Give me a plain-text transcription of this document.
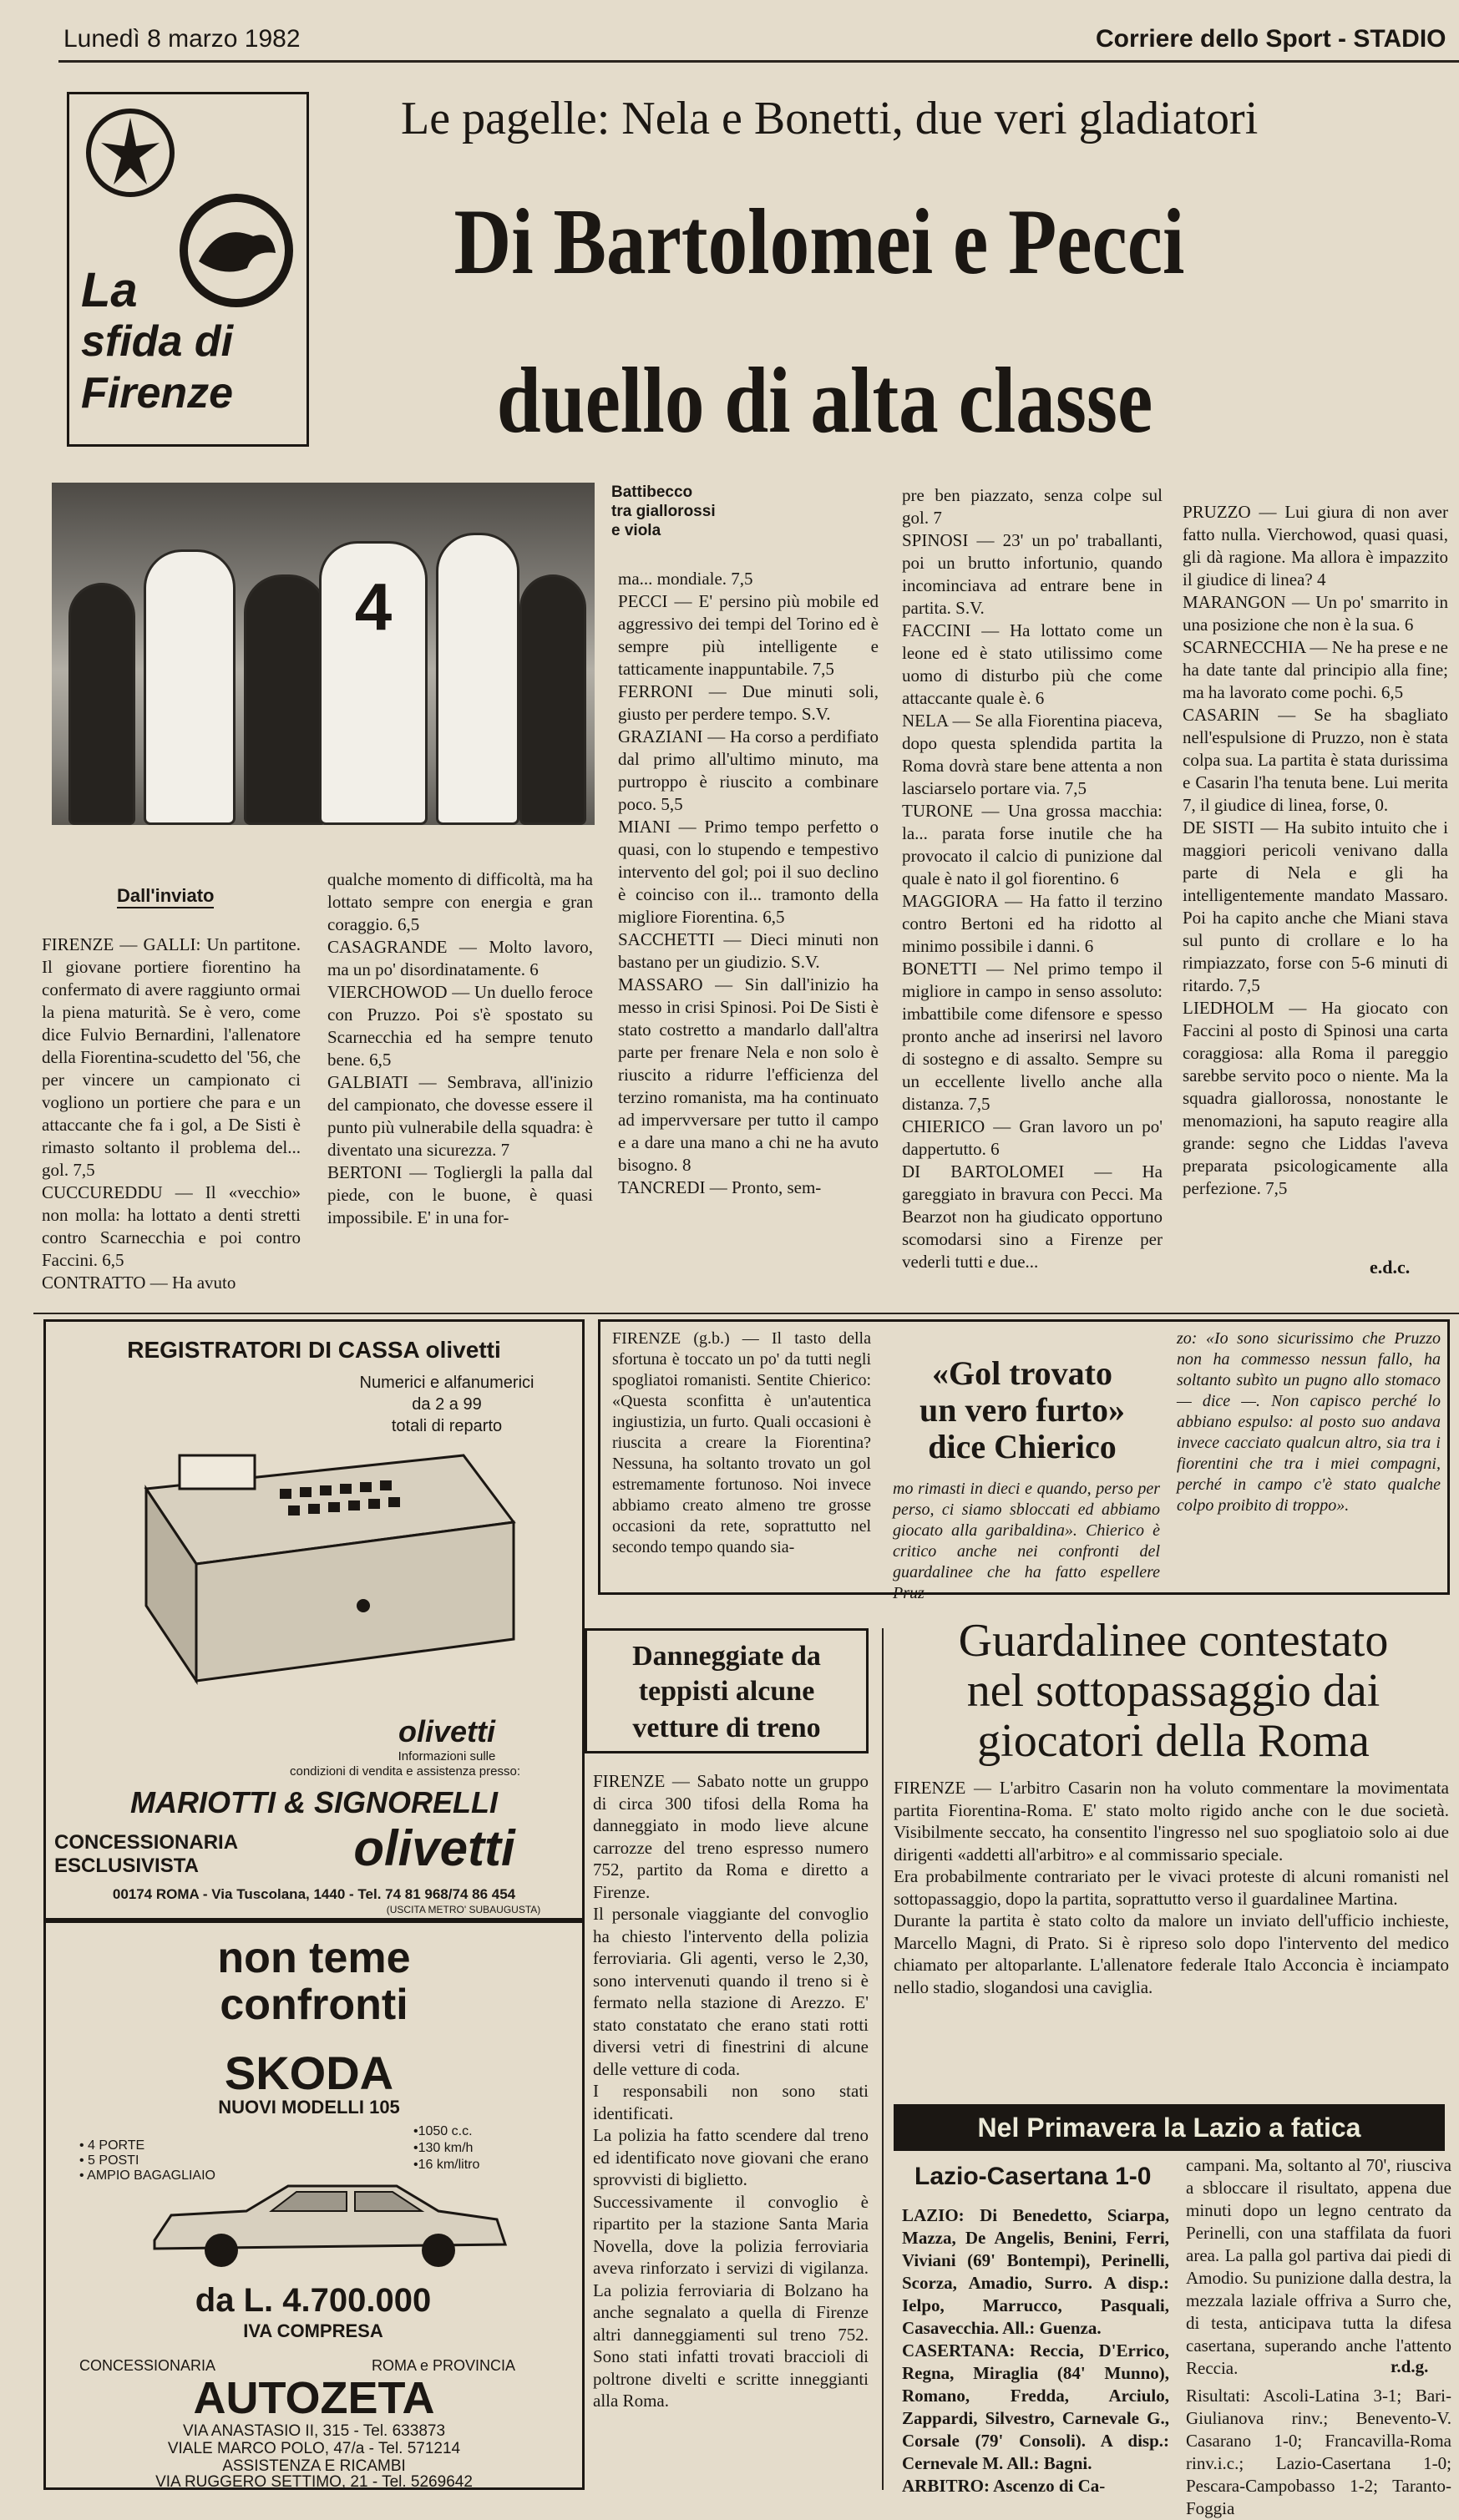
Lunedì 8 marzo 1982	Corriere dello Sport - STADIO
La
sfida di
Firenze
Le pagelle: Nela e Bonetti, due veri gladiatori
Di Bartolomei e Pecci
duello di alta classe
4
Battibecco
tra giallorossi
e viola
Dall'inviato
FIRENZE — GALLI: Un partitone. Il giovane portiere fiorentino ha confermato di avere raggiunto ormai la piena maturità. Se è vero, come dice Fulvio Bernardini, l'allenatore della Fiorentina-scudetto del '56, che per vincere un campionato ci vogliono un portiere che para e un attaccante che fa i gol, a De Sisti è rimasto soltanto il problema del... gol. 7,5
CUCCUREDDU — Il «vecchio» non molla: ha lottato a denti stretti contro Scarnecchia e poi contro Faccini. 6,5
CONTRATTO — Ha avuto
qualche momento di difficoltà, ma ha lottato sempre con energia e gran coraggio. 6,5
CASAGRANDE — Molto lavoro, ma un po' disordinatamente. 6
VIERCHOWOD — Un duello feroce con Pruzzo. Poi s'è spostato su Scarnecchia ed ha sempre tenuto bene. 6,5
GALBIATI — Sembrava, all'inizio del campionato, che dovesse essere il punto più vulnerabile della squadra: è diventato una sicurezza. 7
BERTONI — Togliergli la palla dal piede, con le buone, è quasi impossibile. E' in una for-
ma... mondiale. 7,5
PECCI — E' persino più mobile ed aggressivo dei tempi del Torino ed è sempre più intelligente e tatticamente inappuntabile. 7,5
FERRONI — Due minuti soli, giusto per perdere tempo. S.V.
GRAZIANI — Ha corso a perdifiato dal primo all'ultimo minuto, ma purtroppo è riuscito a combinare poco. 5,5
MIANI — Primo tempo perfetto o quasi, con lo stupendo e tempestivo intervento del gol; poi il suo declino è coinciso con il... tramonto della migliore Fiorentina. 6,5
SACCHETTI — Dieci minuti non bastano per un giudizio. S.V.
MASSARO — Sin dall'inizio ha messo in crisi Spinosi. Poi De Sisti è stato costretto a mandarlo dall'altra parte per frenare Nela e non solo è riuscito a ridurre l'efficienza del terzino romanista, ma ha continuato ad impervversare per tutto il campo e a dare una mano a chi ne ha avuto bisogno. 8
TANCREDI — Pronto, sem-
pre ben piazzato, senza colpe sul gol. 7
SPINOSI — 23' un po' traballanti, poi un brutto infortunio, quando incominciava ad entrare bene in partita. S.V.
FACCINI — Ha lottato come un leone ed è stato utilissimo come uomo di disturbo più che come attaccante quale è. 6
NELA — Se alla Fiorentina piaceva, dopo questa splendida partita la Roma dovrà stare bene attenta a non lasciarselo portare via. 7,5
TURONE — Una grossa macchia: la... parata forse inutile che ha provocato il calcio di punizione dal quale è nato il gol fiorentino. 6
MAGGIORA — Ha fatto il terzino contro Bertoni ed ha ridotto al minimo possibile i danni. 6
BONETTI — Nel primo tempo il migliore in campo in senso assoluto: imbattibile come difensore e spesso pronto anche ad inserirsi nel lavoro di sostegno e di assalto. Sempre su un eccellente livello anche alla distanza. 7,5
CHIERICO — Gran lavoro un po' dappertutto. 6
DI BARTOLOMEI — Ha gareggiato in bravura con Pecci. Ma Bearzot non ha giudicato opportuno scomodarsi sino a Firenze per vederli tutti e due...
PRUZZO — Lui giura di non aver fatto nulla. Vierchowod, quasi quasi, gli dà ragione. Ma allora è impazzito il giudice di linea? 4
MARANGON — Un po' smarrito in una posizione che non è la sua. 6
SCARNECCHIA — Ne ha prese e ne ha date tante dal principio alla fine; ma ha lavorato come pochi. 6,5
CASARIN — Se ha sbagliato nell'espulsione di Pruzzo, non è stata colpa sua. La partita è stata durissima e Casarin l'ha tenuta bene. Lui merita 7, il giudice di linea, forse, 0.
DE SISTI — Ha subito intuito che i maggiori pericoli venivano dalla parte di Nela e gli ha intelligentemente mandato Massaro. Poi ha capito anche che Miani stava sul punto di crollare e lo ha rimpiazzato, forse con 5-6 minuti di ritardo. 7,5
LIEDHOLM — Ha giocato con Faccini al posto di Spinosi una carta coraggiosa: alla Roma il pareggio sarebbe servito poco o niente. Ma la squadra giallorossa, nonostante le menomazioni, ha saputo reagire alla grande: segno che Liddas l'aveva preparata psicologicamente alla perfezione. 7,5
e.d.c.
REGISTRATORI DI CASSA olivetti
Numerici e alfanumerici
da 2 a 99
totali di reparto
olivetti
Informazioni sulle
condizioni di vendita e assistenza presso:
MARIOTTI & SIGNORELLI
CONCESSIONARIA
ESCLUSIVISTA	olivetti
00174 ROMA - Via Tuscolana, 1440 - Tel. 74 81 968/74 86 454
(USCITA METRO' SUBAUGUSTA)
non teme
confronti
SKODA
NUOVI MODELLI 105
• 4 PORTE
• 5 POSTI
• AMPIO BAGAGLIAIO
•1050 c.c.
•130 km/h
•16 km/litro
da L. 4.700.000
IVA COMPRESA
CONCESSIONARIA	ROMA e PROVINCIA
AUTOZETA
VIA ANASTASIO II, 315 - Tel. 633873
VIALE MARCO POLO, 47/a - Tel. 571214
ASSISTENZA E RICAMBI
VIA RUGGERO SETTIMO, 21 - Tel. 5269642
FIRENZE (g.b.) — Il tasto della sfortuna è toccato un po' da tutti negli spogliatoi romanisti. Sentite Chierico: «Questa sconfitta è un'autentica ingiustizia, un furto. Quali occasioni è riuscita a creare la Fiorentina? Nessuna, ha soltanto trovato un gol estremamente fortunoso. Noi invece abbiamo creato almeno tre grosse occasioni da rete, soprattutto nel secondo tempo quando sia-
«Gol trovato
un vero furto»
dice Chierico
mo rimasti in dieci e quando, perso per perso, ci siamo sbloccati ed abbiamo giocato alla garibaldina». Chierico è critico anche nei confronti del guardalinee che ha fatto espellere Pruz-
zo: «Io sono sicurissimo che Pruzzo non ha commesso nessun fallo, ha soltanto subìto un pugno allo stomaco — dice —. Non capisco perché lo abbiano espulso: al posto suo andava invece cacciato qualcun altro, sia tra i fiorentini che tra i miei compagni, perché in campo c'è stato qualche colpo proibito di troppo».
Danneggiate da
teppisti alcune
vetture di treno
FIRENZE — Sabato notte un gruppo di circa 300 tifosi della Roma ha danneggiato in modo lieve alcune carrozze del treno espresso numero 752, partito da Roma e diretto a Firenze.
Il personale viaggiante del convoglio ha chiesto l'intervento della polizia ferroviaria. Gli agenti, verso le 2,30, sono intervenuti quando il treno si è fermato nella stazione di Arezzo. E' stato constatato che erano stati rotti diversi vetri di finestrini di alcune delle vetture di coda.
I responsabili non sono stati identificati.
La polizia ha fatto scendere dal treno ed identificato nove giovani che erano sprovvisti di biglietto.
Successivamente il convoglio è ripartito per la stazione Santa Maria Novella, dove la polizia ferroviaria aveva rinforzato i servizi di vigilanza. La polizia ferroviaria di Bolzano ha anche segnalato a quella di Firenze altri danneggiamenti sul treno 752. Sono stati infatti trovati braccioli di poltrone divelti e scritte inneggianti alla Roma.
Guardalinee contestato
nel sottopassaggio dai
giocatori della Roma
FIRENZE — L'arbitro Casarin non ha voluto commentare la movimentata partita Fiorentina-Roma. E' stato molto rigido anche con le due società. Visibilmente seccato, ha consentito l'ingresso nel suo spogliatoio solo ai due dirigenti «addetti all'arbitro» e al commissario speciale.
Era probabilmente contrariato per le vivaci proteste di alcuni romanisti nel sottopassaggio, dopo la partita, soprattutto verso il guardalinee Martina.
Durante la partita è stato colto da malore un inviato dell'ufficio inchieste, Marcello Magni, di Prato. Si è ripreso solo dopo l'intervento del medico chiamato per altoparlante. L'allenatore federale Italo Acconcia è inciampato nello stadio, slogandosi una caviglia.
Nel Primavera la Lazio a fatica
Lazio-Casertana 1-0
LAZIO: Di Benedetto, Sciarpa, Mazza, De Angelis, Benini, Ferri, Viviani (69' Bontempi), Perinelli, Scorza, Amadio, Surro. A disp.: Ielpo, Marrucco, Pasquali, Casavecchia. All.: Guenza.
CASERTANA: Reccia, D'Errico, Regna, Miraglia (84' Munno), Romano, Fredda, Arciulo, Zappardi, Silvestro, Carnevale G., Corsale (79' Consoli). A disp.: Cernevale M. All.: Bagni.
ARBITRO: Ascenzo di Ca-
campani. Ma, soltanto al 70', riusciva a sbloccare il risultato, appena due minuti dopo un legno centrato da Perinelli, con una staffilata da fuori area. La palla gol partiva dai piedi di Amodio. Su punizione dalla destra, la mezzala laziale offriva a Surro che, di testa, anticipava tutta la difesa casertana, superando anche l'attento Reccia.	r.d.g.
Risultati: Ascoli-Latina 3-1; Bari-Giulianova rinv.; Benevento-V. Casarano 1-0; Francavilla-Roma rinv.i.c.; Lazio-Casertana 1-0; Pescara-Campobasso 1-2; Taranto-Foggia
